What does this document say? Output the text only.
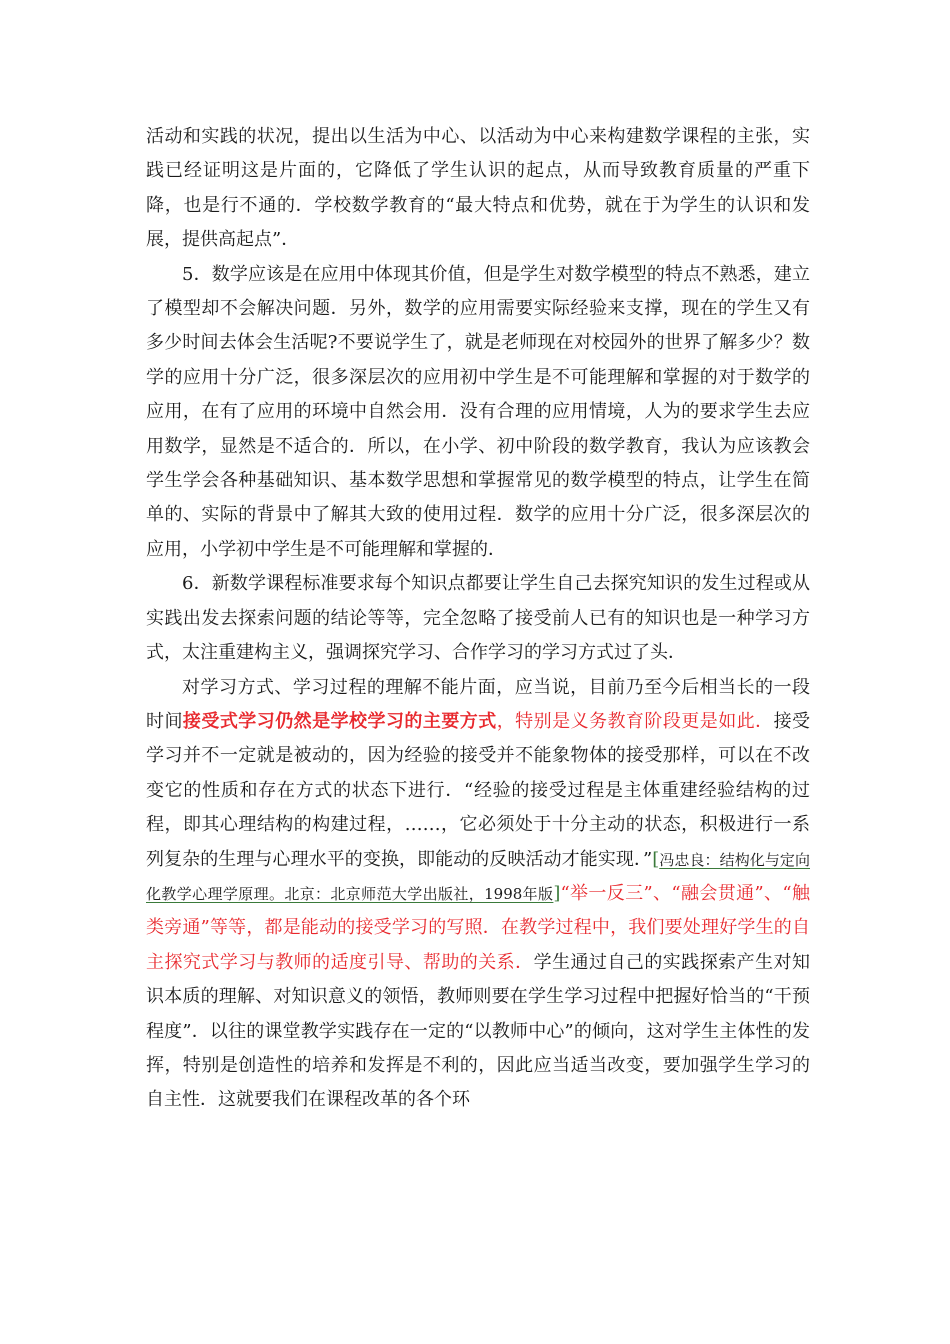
活动和实践的状况，提出以生活为中心、以活动为中心来构建数学课程的主张，实践已经证明这是片面的，它降低了学生认识的起点，从而导致教育质量的严重下降，也是行不通的．学校数学教育的“最大特点和优势，就在于为学生的认识和发展，提供高起点”．

5．数学应该是在应用中体现其价值，但是学生对数学模型的特点不熟悉，建立了模型却不会解决问题．另外，数学的应用需要实际经验来支撑，现在的学生又有多少时间去体会生活呢?不要说学生了，就是老师现在对校园外的世界了解多少？数学的应用十分广泛，很多深层次的应用初中学生是不可能理解和掌握的对于数学的应用，在有了应用的环境中自然会用．没有合理的应用情境，人为的要求学生去应用数学，显然是不适合的．所以，在小学、初中阶段的数学教育，我认为应该教会学生学会各种基础知识、基本数学思想和掌握常见的数学模型的特点，让学生在简单的、实际的背景中了解其大致的使用过程．数学的应用十分广泛，很多深层次的应用，小学初中学生是不可能理解和掌握的．

6．新数学课程标准要求每个知识点都要让学生自己去探究知识的发生过程或从实践出发去探索问题的结论等等，完全忽略了接受前人已有的知识也是一种学习方式，太注重建构主义，强调探究学习、合作学习的学习方式过了头．

对学习方式、学习过程的理解不能片面，应当说，目前乃至今后相当长的一段时间接受式学习仍然是学校学习的主要方式，特别是义务教育阶段更是如此．接受学习并不一定就是被动的，因为经验的接受并不能象物体的接受那样，可以在不改变它的性质和存在方式的状态下进行．“经验的接受过程是主体重建经验结构的过程，即其心理结构的构建过程，……，它必须处于十分主动的状态，积极进行一系列复杂的生理与心理水平的变换，即能动的反映活动才能实现．”[冯忠良：结构化与定向化教学心理学原理。北京：北京师范大学出版社，1998年版]“举一反三”、“融会贯通”、“触类旁通”等等，都是能动的接受学习的写照．在教学过程中，我们要处理好学生的自主探究式学习与教师的适度引导、帮助的关系．学生通过自己的实践探索产生对知识本质的理解、对知识意义的领悟，教师则要在学生学习过程中把握好恰当的“干预程度”．以往的课堂教学实践存在一定的“以教师中心”的倾向，这对学生主体性的发挥，特别是创造性的培养和发挥是不利的，因此应当适当改变，要加强学生学习的自主性．这就要我们在课程改革的各个环
